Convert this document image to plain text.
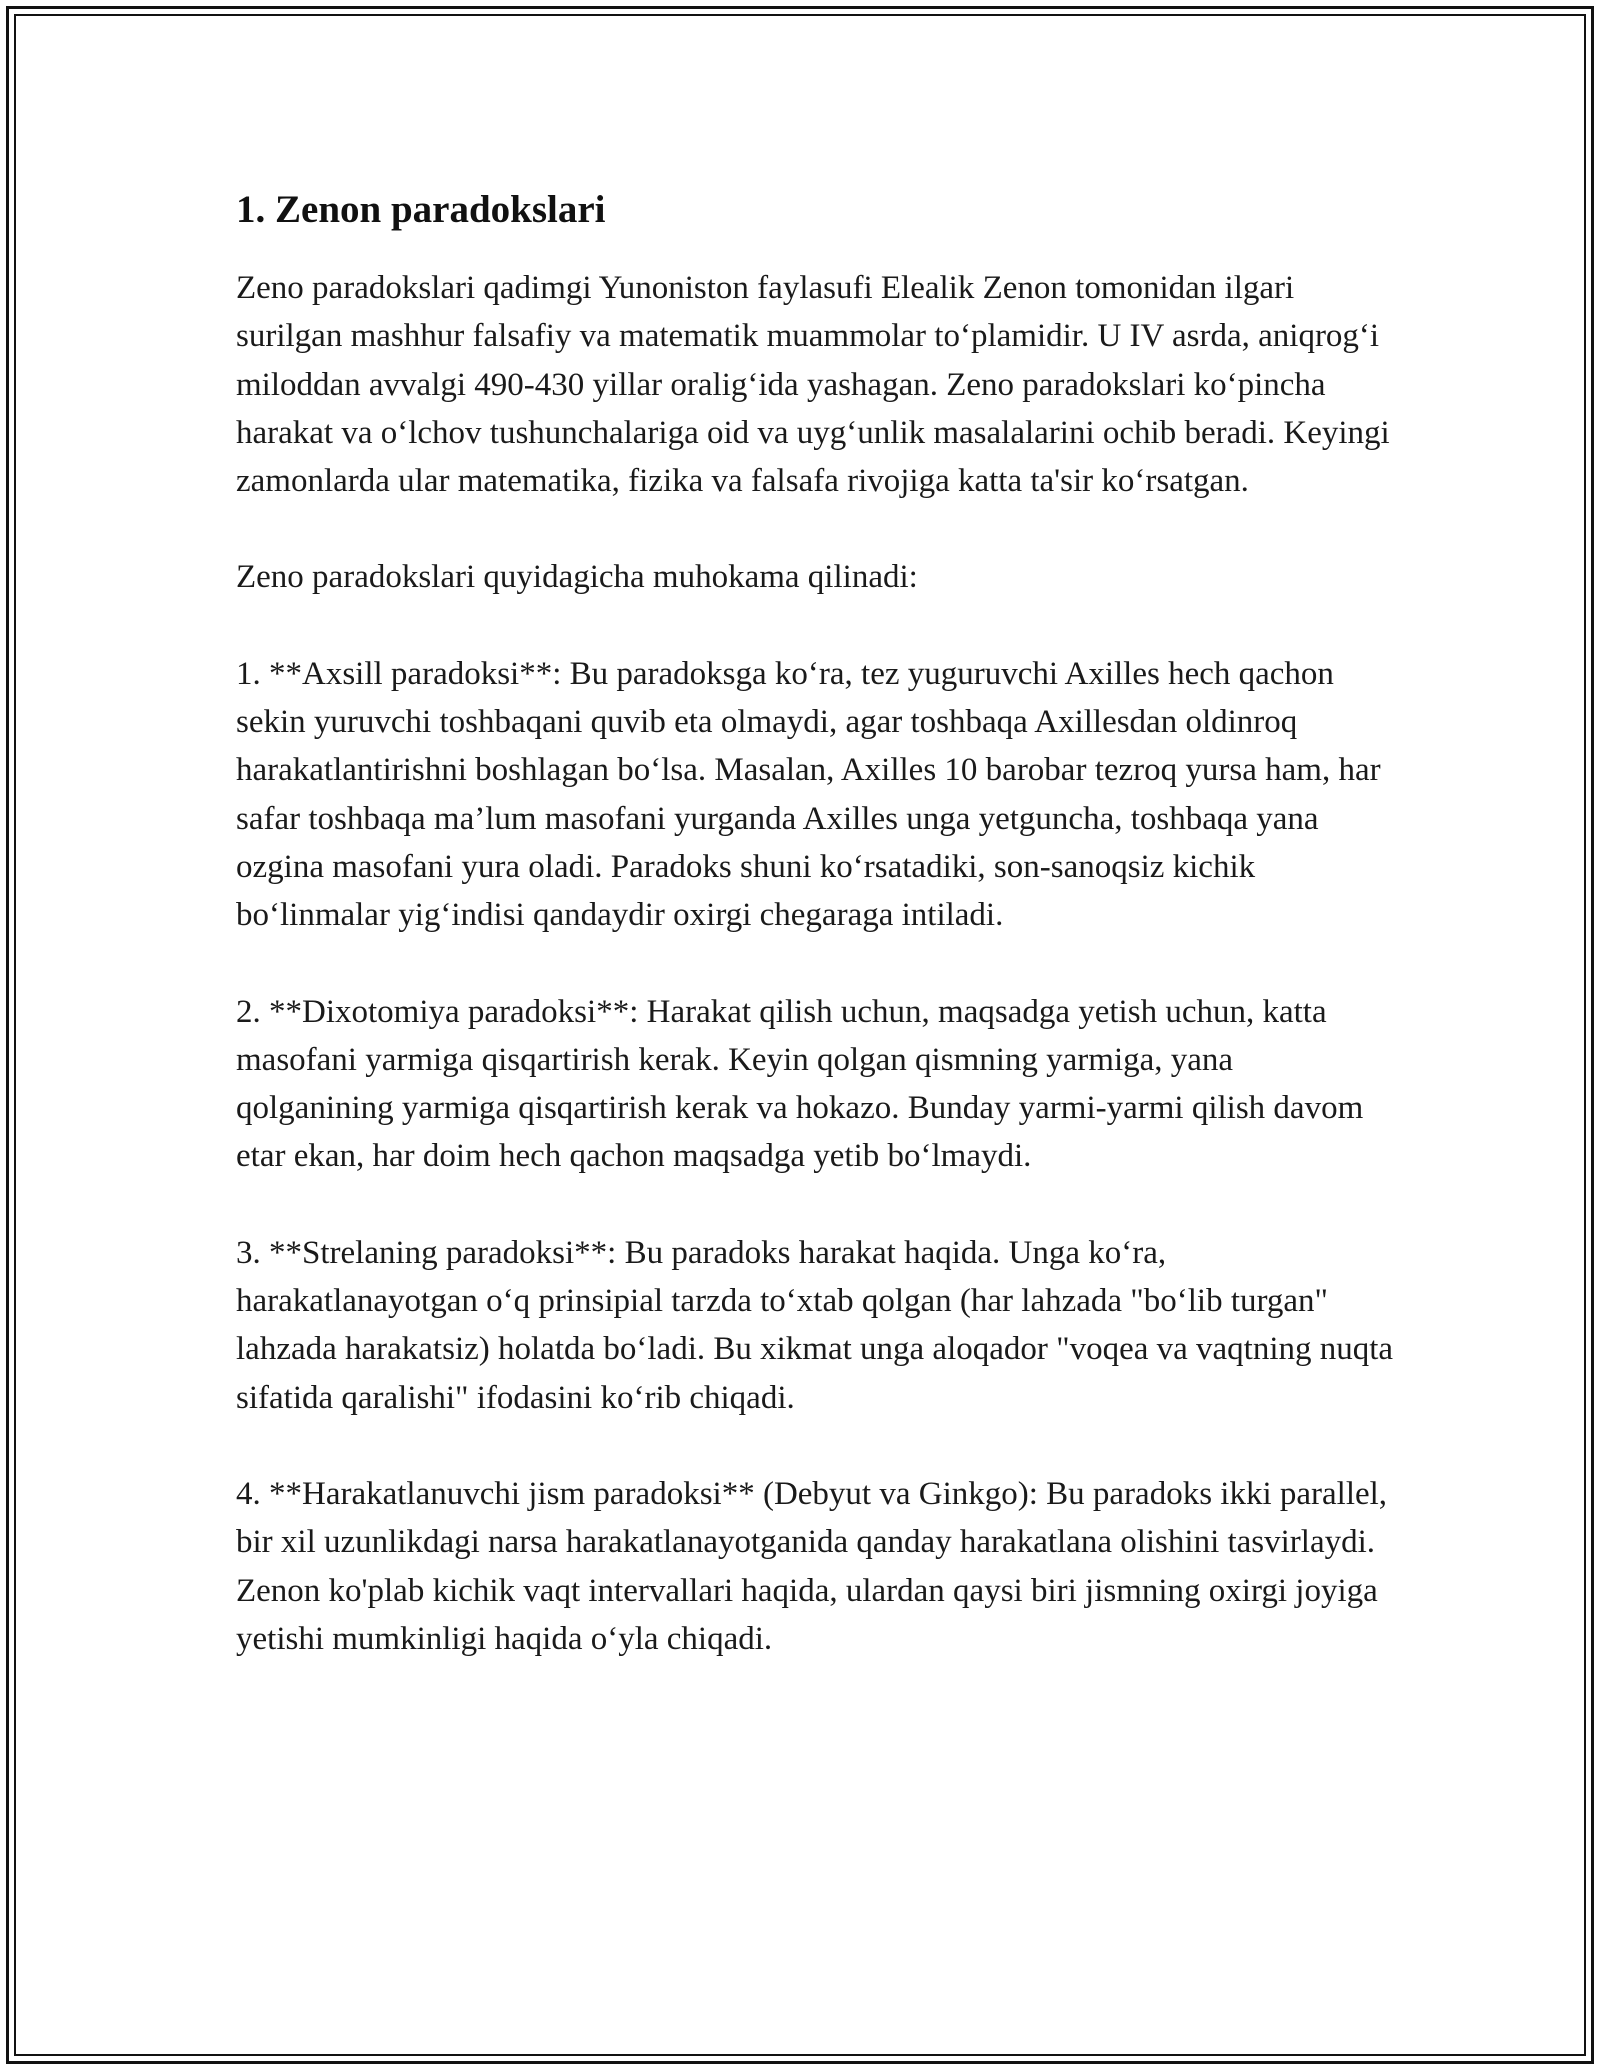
1. Zenon paradokslari

Zeno paradokslari qadimgi Yunoniston faylasufi Elealik Zenon tomonidan ilgari surilgan mashhur falsafiy va matematik muammolar to‘plamidir. U IV asrda, aniqrog‘i miloddan avvalgi 490-430 yillar oralig‘ida yashagan. Zeno paradokslari ko‘pincha harakat va o‘lchov tushunchalariga oid va uyg‘unlik masalalarini ochib beradi. Keyingi zamonlarda ular matematika, fizika va falsafa rivojiga katta ta'sir ko‘rsatgan.

Zeno paradokslari quyidagicha muhokama qilinadi:

1. **Axsill paradoksi**: Bu paradoksga ko‘ra, tez yuguruvchi Axilles hech qachon sekin yuruvchi toshbaqani quvib eta olmaydi, agar toshbaqa Axillesdan oldinroq harakatlantirishni boshlagan bo‘lsa. Masalan, Axilles 10 barobar tezroq yursa ham, har safar toshbaqa ma’lum masofani yurganda Axilles unga yetguncha, toshbaqa yana ozgina masofani yura oladi. Paradoks shuni ko‘rsatadiki, son-sanoqsiz kichik bo‘linmalar yig‘indisi qandaydir oxirgi chegaraga intiladi.

2. **Dixotomiya paradoksi**: Harakat qilish uchun, maqsadga yetish uchun, katta masofani yarmiga qisqartirish kerak. Keyin qolgan qismning yarmiga, yana qolganining yarmiga qisqartirish kerak va hokazo. Bunday yarmi-yarmi qilish davom etar ekan, har doim hech qachon maqsadga yetib bo‘lmaydi.

3. **Strelaning paradoksi**: Bu paradoks harakat haqida. Unga ko‘ra, harakatlanayotgan o‘q prinsipial tarzda to‘xtab qolgan (har lahzada "bo‘lib turgan" lahzada harakatsiz) holatda bo‘ladi. Bu xikmat unga aloqador "voqea va vaqtning nuqta sifatida qaralishi" ifodasini ko‘rib chiqadi.

4. **Harakatlanuvchi jism paradoksi** (Debyut va Ginkgo): Bu paradoks ikki parallel, bir xil uzunlikdagi narsa harakatlanayotganida qanday harakatlana olishini tasvirlaydi. Zenon ko'plab kichik vaqt intervallari haqida, ulardan qaysi biri jismning oxirgi joyiga yetishi mumkinligi haqida o‘yla chiqadi.
